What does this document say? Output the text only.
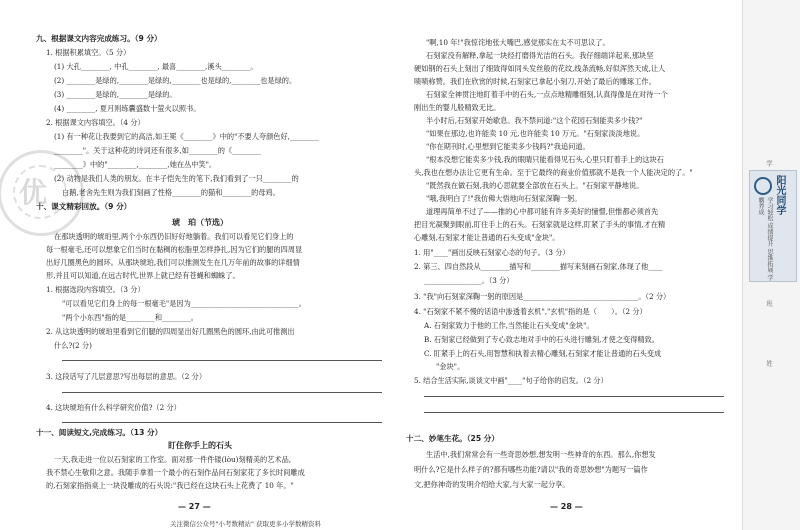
优
九、根据课文内容完成练习。（9 分）
1. 根据积累填空。（5 分）
(1) 大孔________, 中孔________, 最喜________,溪头________。
(2) ________是绿的,________是绿的,________也是绿的,________也是绿的。
(3) ________是绿的,________是绿的。
(4) ________, 夏月则练囊盛数十萤火以照书。
2. 根据课文内容填空。（4 分）
(1) 有一种花让我要到它的高洁,如王冕《________》中的"不要人夸颜色好,________
________"。关于这种花的诗词还有很多,如________的《________
________》中的"________,________,她在丛中笑"。
(2) 动物是我们人类的朋友。在丰子恺先生的笔下,我们看到了一只________的
白鹅,老舍先生则为我们刻画了性格________的猫和________的母鸡。
十、课文精彩回放。（9 分）
琥　珀（节选）
在那块透明的琥珀里,两个小东西仍旧好好地躺着。我们可以看见它们身上的
每一根毫毛,还可以想象它们当时在黏稠的松脂里怎样挣扎,因为它们的腿的四周显
出好几圈黑色的圆环。从那块琥珀,我们可以推测发生在几万年前的故事的详细情
形,并且可以知道,在远古时代,世界上就已经有苍蝇和蜘蛛了。
1. 根据选段内容填空。（3 分）
"可以看见它们身上的每一根毫毛"是因为______________________________。
"两个小东西"指的是________和________。
2. 从这块透明的琥珀里看到它们腿的四周显出好几圈黑色的圆环,由此可推测出
什么?(2 分)
3. 这段话写了几层意思?写出每层的意思。（2 分）
4. 这块琥珀有什么科学研究价值?（2 分）
十一、阅读短文,完成练习。（13 分）
盯住你手上的石头
一天,我走进一位以石刻家的工作室。面对那一件件镂(lòu)刻精美的艺术品,
我不禁心生敬仰之意。我随手拿着一个最小的石刻作品问石刻家花了多长时间雕成
的,石刻家指指桌上一块没雕成的石头说:"我已经在这块石头上花费了 10 年。"
— 27 —
"啊,10 年!"我惊诧地张大嘴巴,感觉那实在太不可思议了。
石刻家没有解释,拿起一块经打磨得光洁的石头。我仔细端详起来,那块坚
硬如钢的石头上刻出了细致得如同头发丝般的花纹,线条流畅,好似浑然天成,让人
啧啧称赞。我们在欣赏的时候,石刻家已拿起小刻刀,开始了最后的雕琢工作。
石刻家全神贯注地盯着手中的石头,一点点地精雕细刻,认真得像是在对待一个
刚出生的婴儿般精致无比。
半小时后,石刻家开始歇息。我不禁问道:"这个花园石刻能卖多少钱?"
"如果在那边,也许能卖 10 元,也许能卖 10 万元。"石刻家淡淡地说。
"你在期刊时,心里想到它能卖多少钱吗?"我追问道。
"根本没想它能卖多少钱,我的眼睛只能看得见石头,心里只盯着手上的这块石
头,我也在想办法让它更有生命。至于它最终的商业价值那就不是我一个人能决定的了。"
"既然我在做石刻,我的心思就要全部放在石头上。"石刻家平静地说。
"哦,我明白了!"我仿佛大悟地向石刻家深鞠一躬。
道理再简单不过了——推的心中都可能有许多美好的憧憬,但惟都必须首先
把目光凝聚到眼前,盯住手上的石头。石刻家就是这样,盯紧了手头的事情,才在精
心雕刻,石刻家才能让普通的石头变成"金块"。
1. 用"____"画出反映石刻家心态的句子。（3 分）
2. 第三、四自然段从________描写和________描写来刻画石刻家,体现了他____
________________。（3 分）
3. "我"向石刻家深鞠一躬的原因是________________________________。（2 分）
4. "石刻家不紧不慢的话语中渗透着玄机","玄机"指的是（　　）。（2 分）
A. 石刻家致力于他的工作,当然能让石头变成"金块"。
B. 石刻家已经做到了专心致志地对手中的石头进行雕刻,才使之变得精致。
C. 盯紧手上的石头,用智慧和执着去精心雕刻,石刻家才能让普通的石头变成
"金块"。
5. 结合生活实际,谈谈文中画"____"句子给你的启发。（2 分）
十二、妙笔生花。（25 分）
生活中,我们常常会有一些奇思妙想,想发明一些神奇的东西。那么,你想发
明什么?它是什么样子的?都有哪些功能?请以"我的奇思妙想"为题写一篇作
文,把你神奇的发明介绍给大家,与大家一起分享。
— 28 —
学
阳光同学
学习轻松 成绩提升 思维拓展 学霸养成
班
姓
关注微信公众号"小考数精站" 获取更多小学数精资料
